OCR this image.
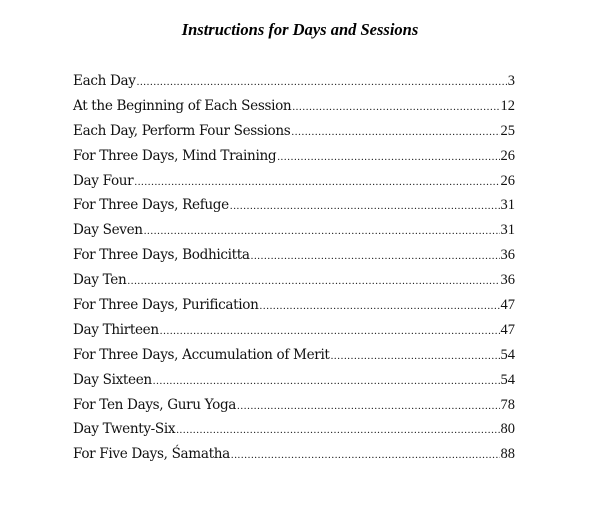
Instructions for Days and Sessions
Each Day .....	3
At the Beginning of Each Session .....	12
Each Day, Perform Four Sessions .....	25
For Three Days, Mind Training .....	26
Day Four .....	26
For Three Days, Refuge .....	31
Day Seven .....	31
For Three Days, Bodhicitta .....	36
Day Ten .....	36
For Three Days, Purification .....	47
Day Thirteen .....	47
For Three Days, Accumulation of Merit .....	54
Day Sixteen .....	54
For Ten Days, Guru Yoga .....	78
Day Twenty-Six .....	80
For Five Days, Śamatha .....	88
